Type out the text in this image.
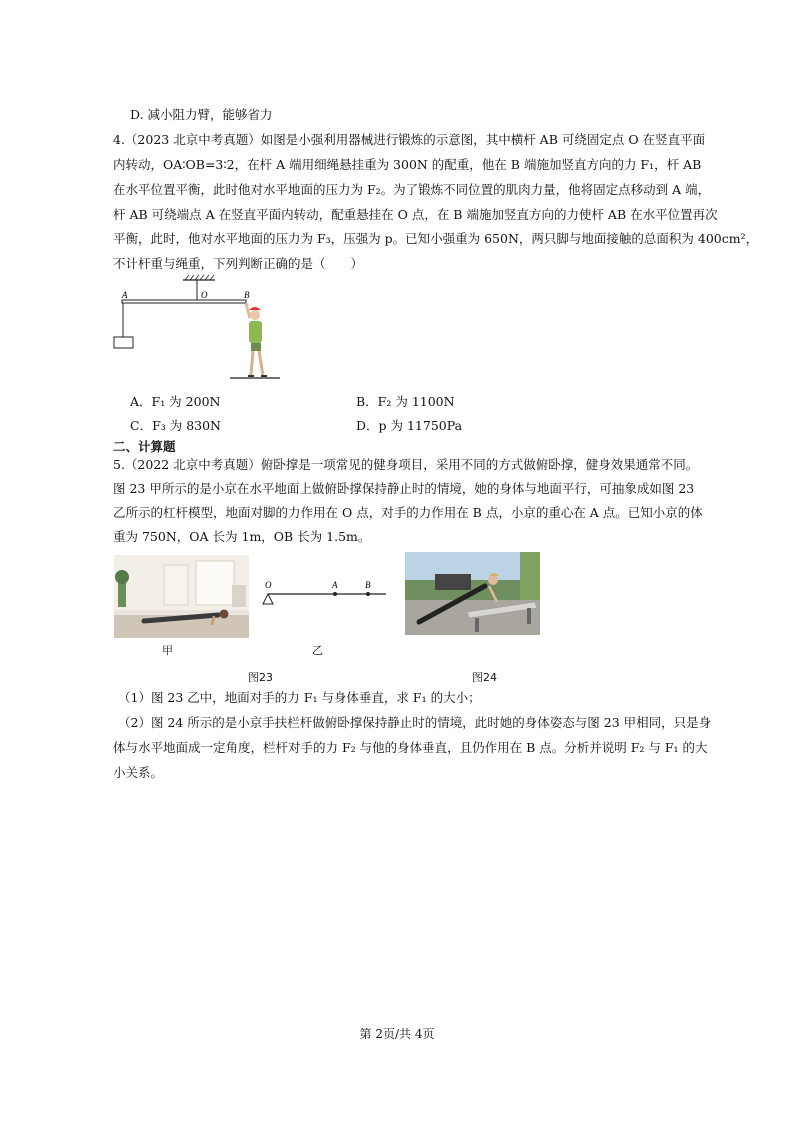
D. 减小阻力臂，能够省力
4.（2023 北京中考真题）如图是小强利用器械进行锻炼的示意图，其中横杆 AB 可绕固定点 O 在竖直平面
内转动，OA∶OB=3∶2，在杆 A 端用细绳悬挂重为 300N 的配重，他在 B 端施加竖直方向的力 F₁，杆 AB
在水平位置平衡，此时他对水平地面的压力为 F₂。为了锻炼不同位置的肌肉力量，他将固定点移动到 A 端，
杆 AB 可绕端点 A 在竖直平面内转动，配重悬挂在 O 点，在 B 端施加竖直方向的力使杆 AB 在水平位置再次
平衡，此时，他对水平地面的压力为 F₃，压强为 p。已知小强重为 650N，两只脚与地面接触的总面积为 400cm²，
不计杆重与绳重，下列判断正确的是（　　）
A	O	B
A．F₁ 为 200N	B．F₂ 为 1100N
C．F₃ 为 830N	D．p 为 11750Pa
二、计算题
5.（2022 北京中考真题）俯卧撑是一项常见的健身项目，采用不同的方式做俯卧撑，健身效果通常不同。
图 23 甲所示的是小京在水平地面上做俯卧撑保持静止时的情境，她的身体与地面平行，可抽象成如图 23
乙所示的杠杆模型，地面对脚的力作用在 O 点，对手的力作用在 B 点，小京的重心在 A 点。已知小京的体
重为 750N，OA 长为 1m，OB 长为 1.5m。
O	A	B
甲	乙
图23	图24
（1）图 23 乙中，地面对手的力 F₁ 与身体垂直，求 F₁ 的大小；
（2）图 24 所示的是小京手扶栏杆做俯卧撑保持静止时的情境，此时她的身体姿态与图 23 甲相同，只是身
体与水平地面成一定角度，栏杆对手的力 F₂ 与他的身体垂直，且仍作用在 B 点。分析并说明 F₂ 与 F₁ 的大
小关系。
第 2页/共 4页
